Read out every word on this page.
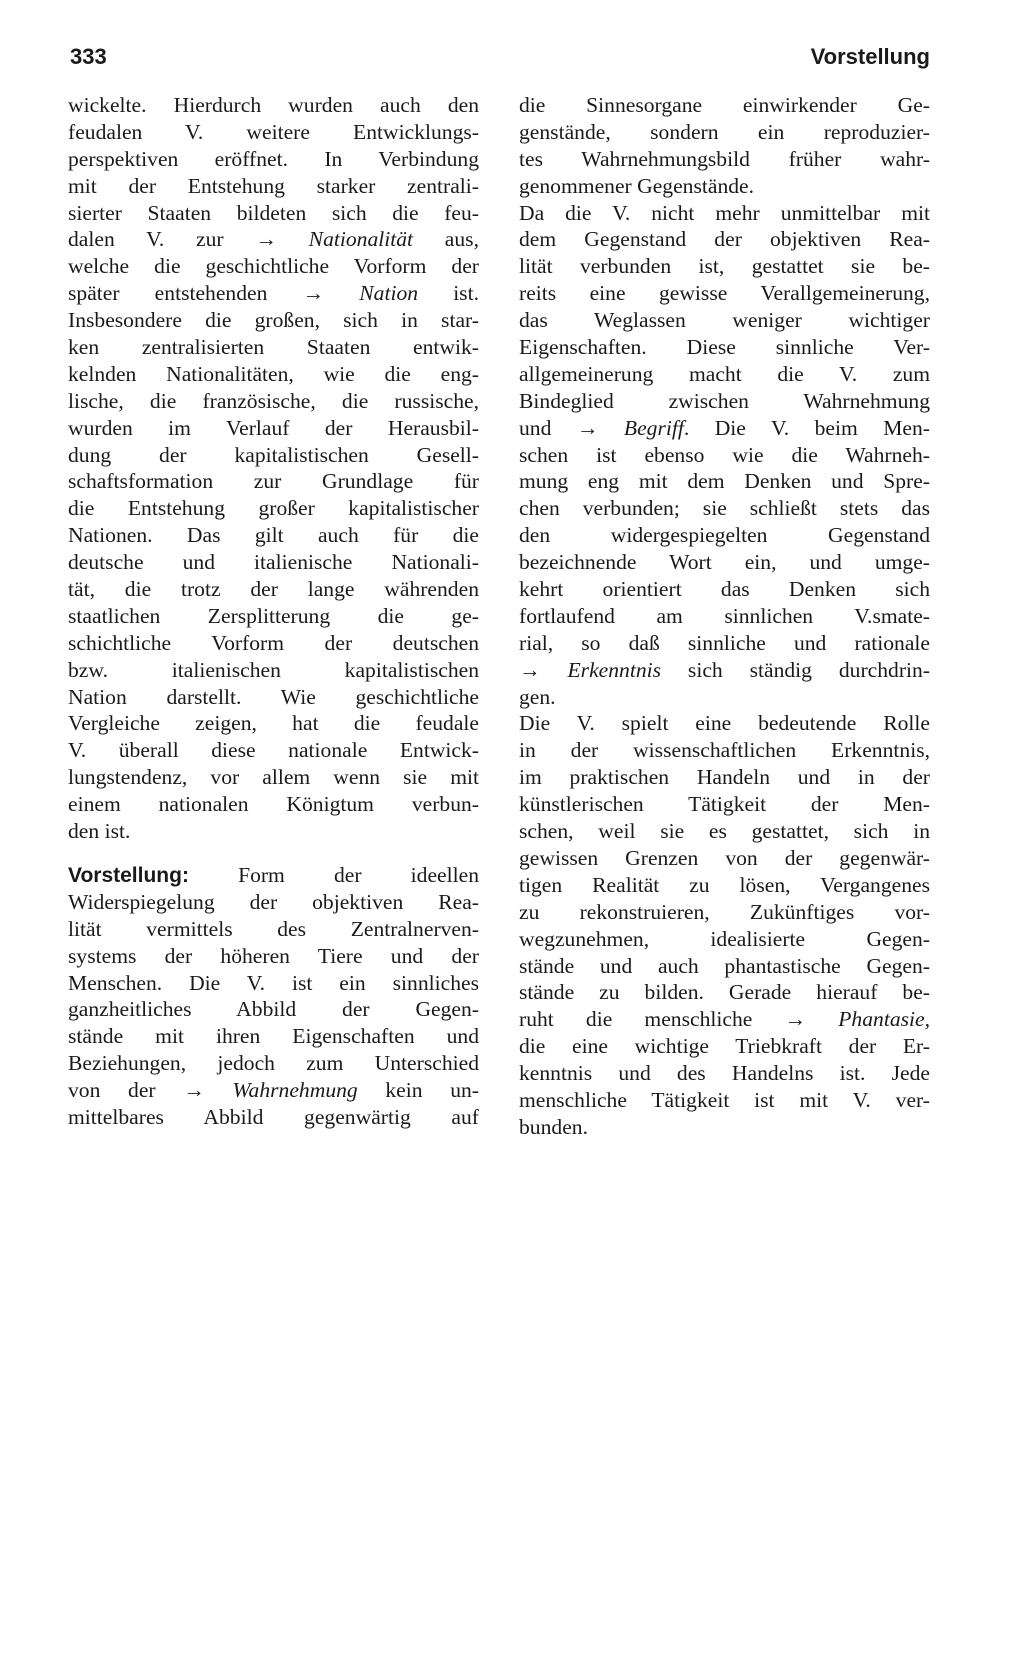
333	Vorstellung
wickelte. Hierdurch wurden auch den
feudalen V. weitere Entwicklungs-
perspektiven eröffnet. In Verbindung
mit der Entstehung starker zentrali-
sierter Staaten bildeten sich die feu-
dalen V. zur → Nationalität aus,
welche die geschichtliche Vorform der
später entstehenden → Nation ist.
Insbesondere die großen, sich in star-
ken zentralisierten Staaten entwik-
kelnden Nationalitäten, wie die eng-
lische, die französische, die russische,
wurden im Verlauf der Herausbil-
dung der kapitalistischen Gesell-
schaftsformation zur Grundlage für
die Entstehung großer kapitalistischer
Nationen. Das gilt auch für die
deutsche und italienische Nationali-
tät, die trotz der lange währenden
staatlichen Zersplitterung die ge-
schichtliche Vorform der deutschen
bzw. italienischen kapitalistischen
Nation darstellt. Wie geschichtliche
Vergleiche zeigen, hat die feudale
V. überall diese nationale Entwick-
lungstendenz, vor allem wenn sie mit
einem nationalen Königtum verbun-
den ist.
Vorstellung: Form der ideellen
Widerspiegelung der objektiven Rea-
lität vermittels des Zentralnerven-
systems der höheren Tiere und der
Menschen. Die V. ist ein sinnliches
ganzheitliches Abbild der Gegen-
stände mit ihren Eigenschaften und
Beziehungen, jedoch zum Unterschied
von der → Wahrnehmung kein un-
mittelbares Abbild gegenwärtig auf
die Sinnesorgane einwirkender Ge-
genstände, sondern ein reproduzier-
tes Wahrnehmungsbild früher wahr-
genommener Gegenstände.
Da die V. nicht mehr unmittelbar mit
dem Gegenstand der objektiven Rea-
lität verbunden ist, gestattet sie be-
reits eine gewisse Verallgemeinerung,
das Weglassen weniger wichtiger
Eigenschaften. Diese sinnliche Ver-
allgemeinerung macht die V. zum
Bindeglied zwischen Wahrnehmung
und → Begriff. Die V. beim Men-
schen ist ebenso wie die Wahrneh-
mung eng mit dem Denken und Spre-
chen verbunden; sie schließt stets das
den widergespiegelten Gegenstand
bezeichnende Wort ein, und umge-
kehrt orientiert das Denken sich
fortlaufend am sinnlichen V.smate-
rial, so daß sinnliche und rationale
→ Erkenntnis sich ständig durchdrin-
gen.
Die V. spielt eine bedeutende Rolle
in der wissenschaftlichen Erkenntnis,
im praktischen Handeln und in der
künstlerischen Tätigkeit der Men-
schen, weil sie es gestattet, sich in
gewissen Grenzen von der gegenwär-
tigen Realität zu lösen, Vergangenes
zu rekonstruieren, Zukünftiges vor-
wegzunehmen, idealisierte Gegen-
stände und auch phantastische Gegen-
stände zu bilden. Gerade hierauf be-
ruht die menschliche → Phantasie,
die eine wichtige Triebkraft der Er-
kenntnis und des Handelns ist. Jede
menschliche Tätigkeit ist mit V. ver-
bunden.
